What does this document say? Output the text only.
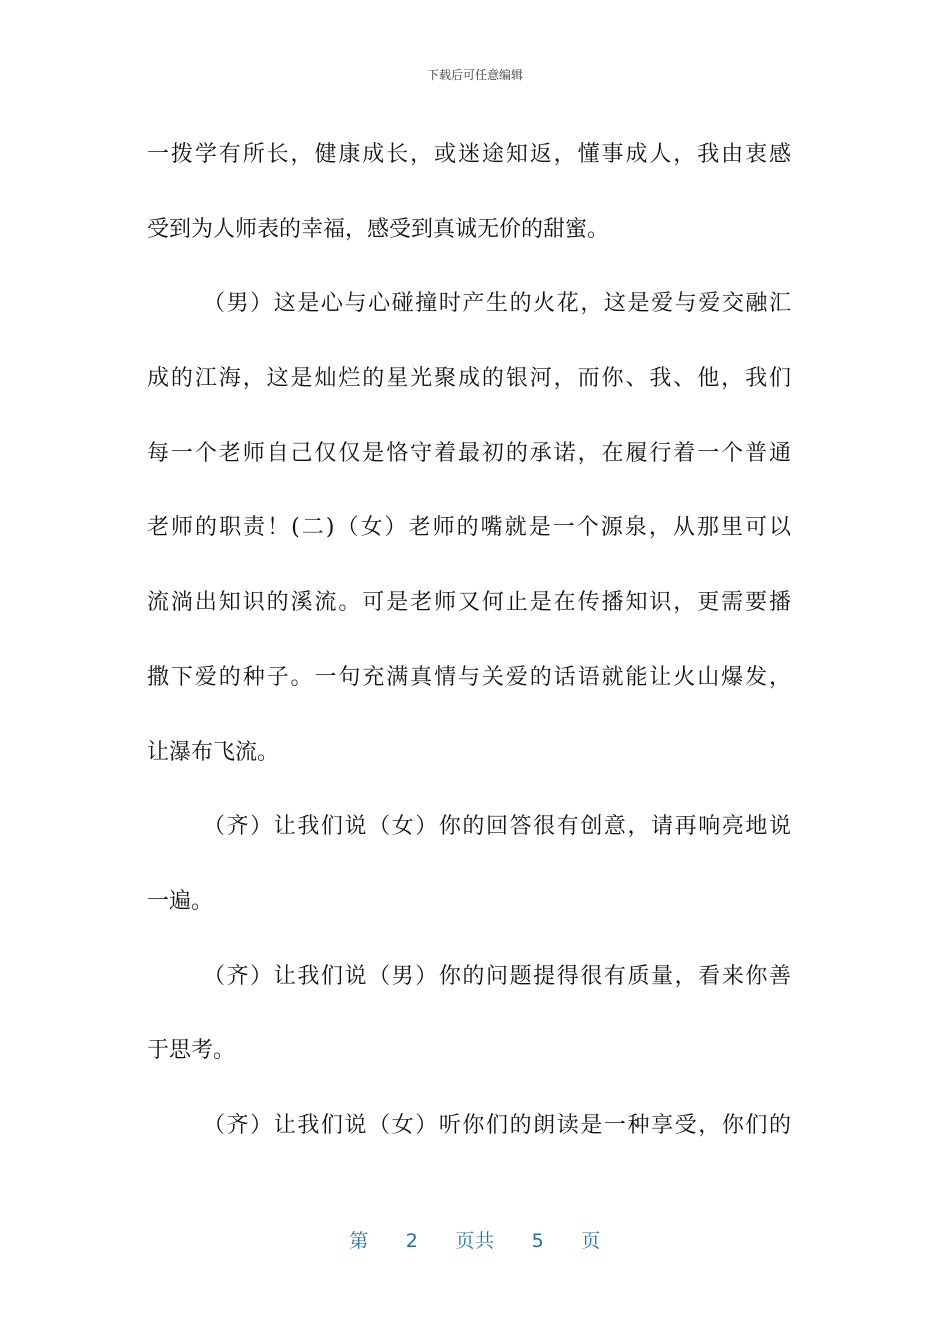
下载后可任意编辑
一拨学有所长，健康成长，或迷途知返，懂事成人，我由衷感
受到为人师表的幸福，感受到真诚无价的甜蜜。
（男）这是心与心碰撞时产生的火花，这是爱与爱交融汇
成的江海，这是灿烂的星光聚成的银河，而你、我、他，我们
每一个老师自己仅仅是恪守着最初的承诺，在履行着一个普通
老师的职责！(二)（女）老师的嘴就是一个源泉，从那里可以
流淌出知识的溪流。可是老师又何止是在传播知识，更需要播
撒下爱的种子。一句充满真情与关爱的话语就能让火山爆发，
让瀑布飞流。
（齐）让我们说（女）你的回答很有创意，请再响亮地说
一遍。
（齐）让我们说（男）你的问题提得很有质量，看来你善
于思考。
（齐）让我们说（女）听你们的朗读是一种享受，你们的
第 2 页共 5 页
